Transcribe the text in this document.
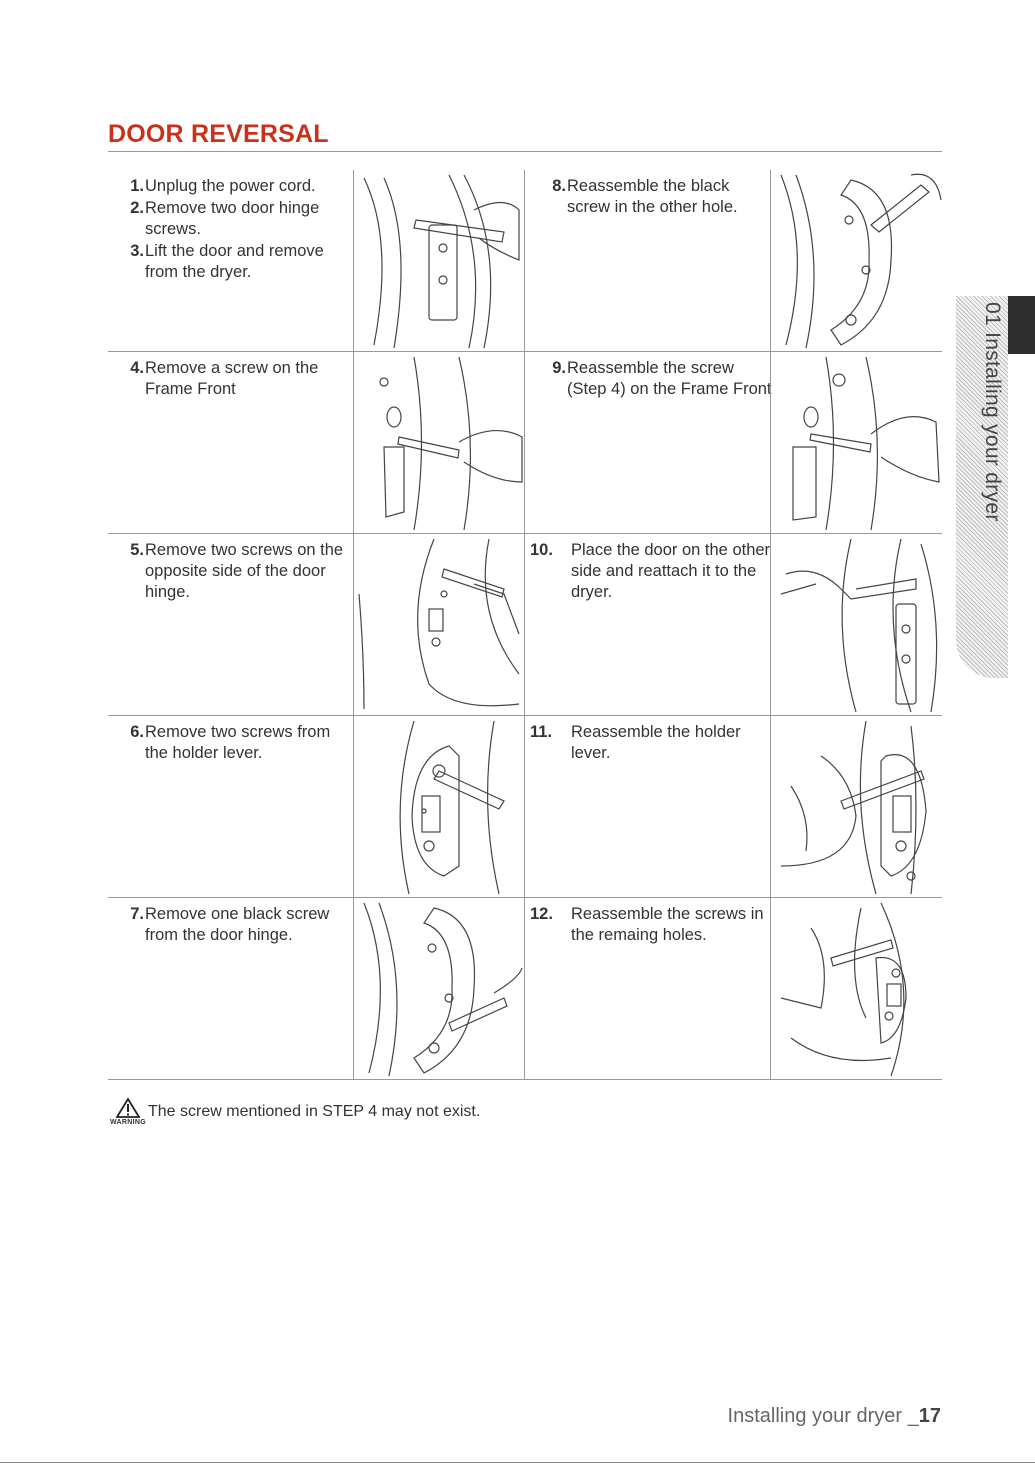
DOOR REVERSAL
1. Unplug the power cord.
2. Remove two door hinge screws.
3. Lift the door and remove from the dryer.
8. Reassemble the black screw in the other hole.
4. Remove a screw on the Frame Front
9. Reassemble the screw (Step 4) on the Frame Front
5. Remove two screws on the opposite side of the door hinge.
10.	Place the door on the other side and reattach it to the dryer.
6. Remove two screws from the holder lever.
11.	Reassemble the holder lever.
7. Remove one black screw from the door hinge.
12.	Reassemble the screws in the remaing holes.
WARNING
The screw mentioned in STEP 4 may not exist.
01 Installing your dryer
Installing your dryer _17
